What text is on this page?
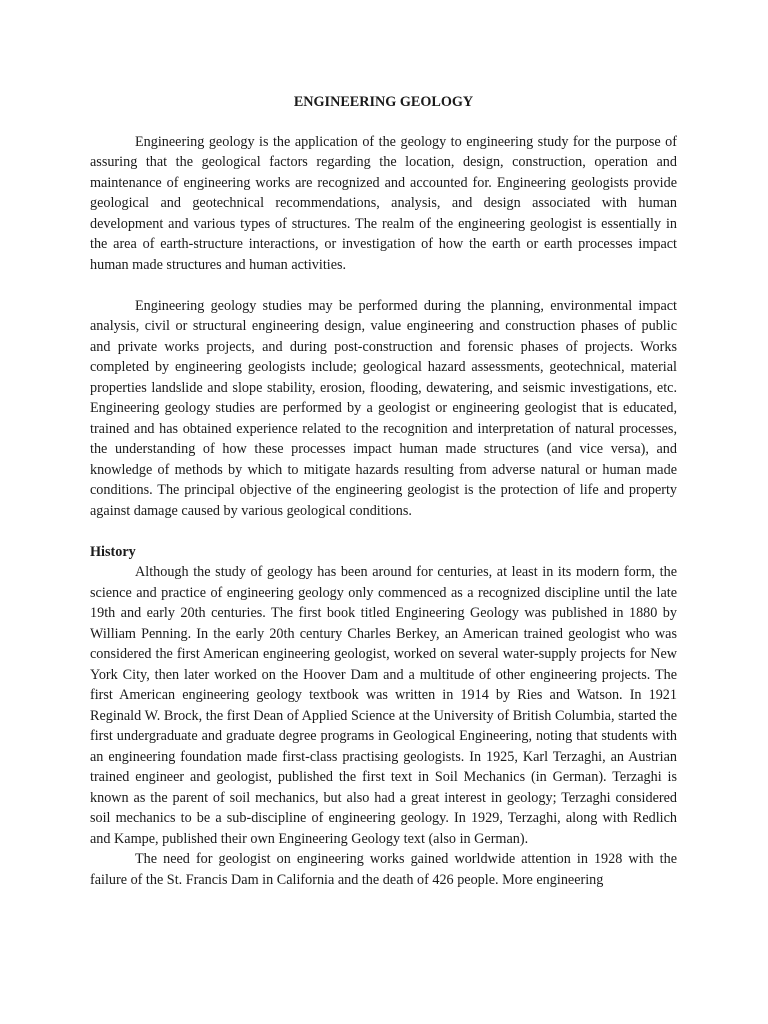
ENGINEERING GEOLOGY

Engineering geology is the application of the geology to engineering study for the purpose of assuring that the geological factors regarding the location, design, construction, operation and maintenance of engineering works are recognized and accounted for. Engineering geologists provide geological and geotechnical recommendations, analysis, and design associated with human development and various types of structures. The realm of the engineering geologist is essentially in the area of earth-structure interactions, or investigation of how the earth or earth processes impact human made structures and human activities.

Engineering geology studies may be performed during the planning, environmental impact analysis, civil or structural engineering design, value engineering and construction phases of public and private works projects, and during post-construction and forensic phases of projects. Works completed by engineering geologists include; geological hazard assessments, geotechnical, material properties landslide and slope stability, erosion, flooding, dewatering, and seismic investigations, etc. Engineering geology studies are performed by a geologist or engineering geologist that is educated, trained and has obtained experience related to the recognition and interpretation of natural processes, the understanding of how these processes impact human made structures (and vice versa), and knowledge of methods by which to mitigate hazards resulting from adverse natural or human made conditions. The principal objective of the engineering geologist is the protection of life and property against damage caused by various geological conditions.

History

Although the study of geology has been around for centuries, at least in its modern form, the science and practice of engineering geology only commenced as a recognized discipline until the late 19th and early 20th centuries. The first book titled Engineering Geology was published in 1880 by William Penning. In the early 20th century Charles Berkey, an American trained geologist who was considered the first American engineering geologist, worked on several water-supply projects for New York City, then later worked on the Hoover Dam and a multitude of other engineering projects. The first American engineering geology textbook was written in 1914 by Ries and Watson. In 1921 Reginald W. Brock, the first Dean of Applied Science at the University of British Columbia, started the first undergraduate and graduate degree programs in Geological Engineering, noting that students with an engineering foundation made first-class practising geologists. In 1925, Karl Terzaghi, an Austrian trained engineer and geologist, published the first text in Soil Mechanics (in German). Terzaghi is known as the parent of soil mechanics, but also had a great interest in geology; Terzaghi considered soil mechanics to be a sub-discipline of engineering geology. In 1929, Terzaghi, along with Redlich and Kampe, published their own Engineering Geology text (also in German).

The need for geologist on engineering works gained worldwide attention in 1928 with the failure of the St. Francis Dam in California and the death of 426 people. More engineering
